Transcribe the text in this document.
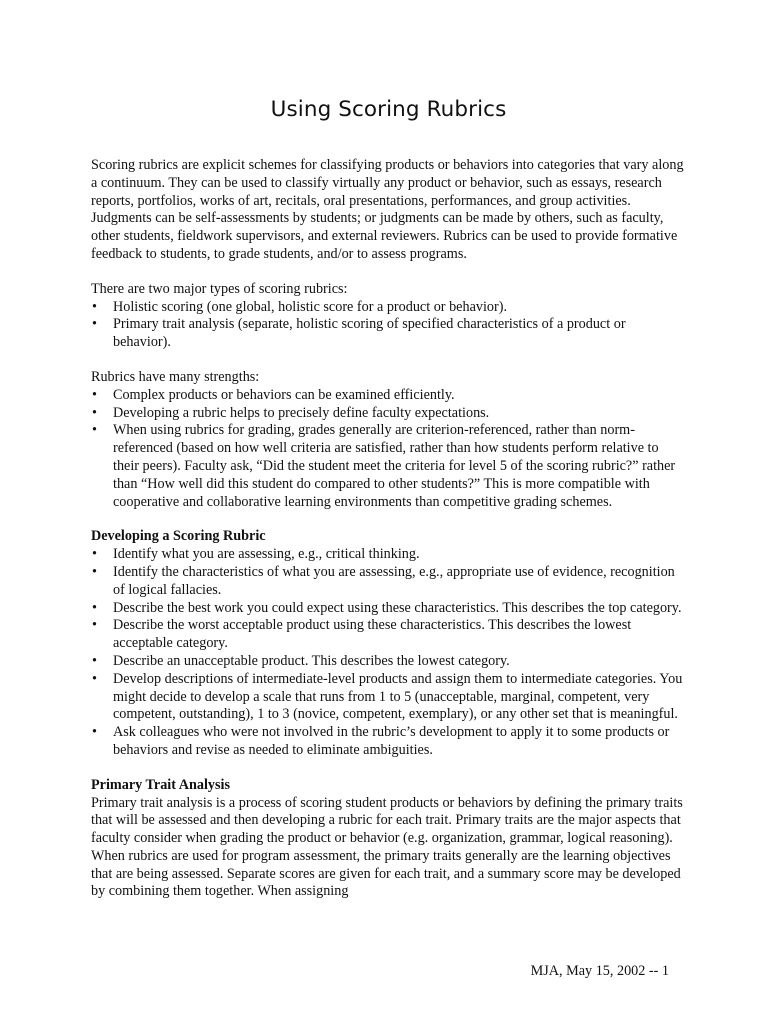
Using Scoring Rubrics

Scoring rubrics are explicit schemes for classifying products or behaviors into categories that vary along a continuum. They can be used to classify virtually any product or behavior, such as essays, research reports, portfolios, works of art, recitals, oral presentations, performances, and group activities. Judgments can be self-assessments by students; or judgments can be made by others, such as faculty, other students, fieldwork supervisors, and external reviewers. Rubrics can be used to provide formative feedback to students, to grade students, and/or to assess programs.

There are two major types of scoring rubrics:

• Holistic scoring (one global, holistic score for a product or behavior).
• Primary trait analysis (separate, holistic scoring of specified characteristics of a product or behavior).

Rubrics have many strengths:

• Complex products or behaviors can be examined efficiently.
• Developing a rubric helps to precisely define faculty expectations.
• When using rubrics for grading, grades generally are criterion-referenced, rather than norm-referenced (based on how well criteria are satisfied, rather than how students perform relative to their peers). Faculty ask, “Did the student meet the criteria for level 5 of the scoring rubric?” rather than “How well did this student do compared to other students?” This is more compatible with cooperative and collaborative learning environments than competitive grading schemes.

Developing a Scoring Rubric

• Identify what you are assessing, e.g., critical thinking.
• Identify the characteristics of what you are assessing, e.g., appropriate use of evidence, recognition of logical fallacies.
• Describe the best work you could expect using these characteristics. This describes the top category.
• Describe the worst acceptable product using these characteristics. This describes the lowest acceptable category.
• Describe an unacceptable product. This describes the lowest category.
• Develop descriptions of intermediate-level products and assign them to intermediate categories. You might decide to develop a scale that runs from 1 to 5 (unacceptable, marginal, competent, very competent, outstanding), 1 to 3 (novice, competent, exemplary), or any other set that is meaningful.
• Ask colleagues who were not involved in the rubric’s development to apply it to some products or behaviors and revise as needed to eliminate ambiguities.

Primary Trait Analysis

Primary trait analysis is a process of scoring student products or behaviors by defining the primary traits that will be assessed and then developing a rubric for each trait. Primary traits are the major aspects that faculty consider when grading the product or behavior (e.g. organization, grammar, logical reasoning). When rubrics are used for program assessment, the primary traits generally are the learning objectives that are being assessed. Separate scores are given for each trait, and a summary score may be developed by combining them together. When assigning

MJA, May 15, 2002 -- 1
